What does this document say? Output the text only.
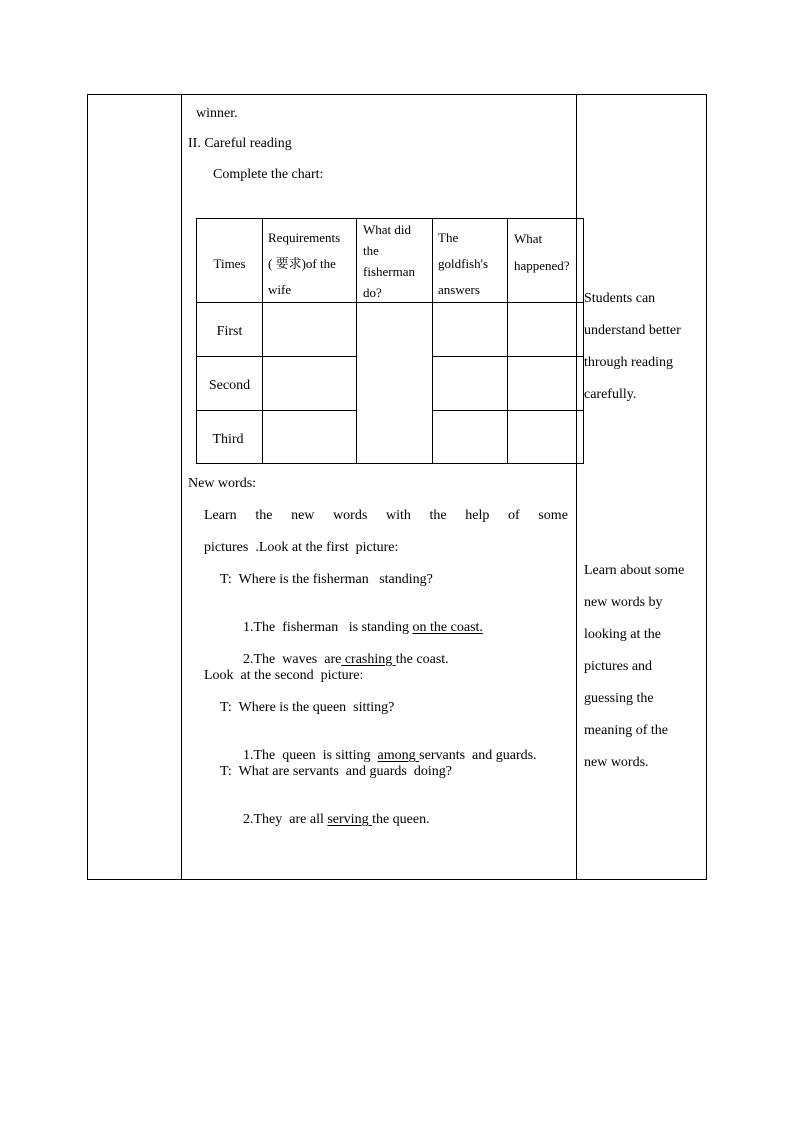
winner.
II. Careful reading
Complete the chart:
Times
Requirements
( 要求)of the
wife
What did
the
fisherman
do?
The
goldfish's
answers
What
happened?
First
Second
Third
New words:
Learn the new words with the help of some
pictures  .Look at the first  picture:
T:  Where is the fisherman   standing?

1.The  fisherman   is standing on the coast.

2.The  waves  are crashing the coast.

Look  at the second  picture:
T:  Where is the queen  sitting?

1.The  queen  is sitting  among servants  and guards.

T:  What are servants  and guards  doing?

2.They  are all serving the queen.

Students can
understand better
through reading
carefully.
Learn about some
new words by
looking at the
pictures and
guessing the
meaning of the
new words.
